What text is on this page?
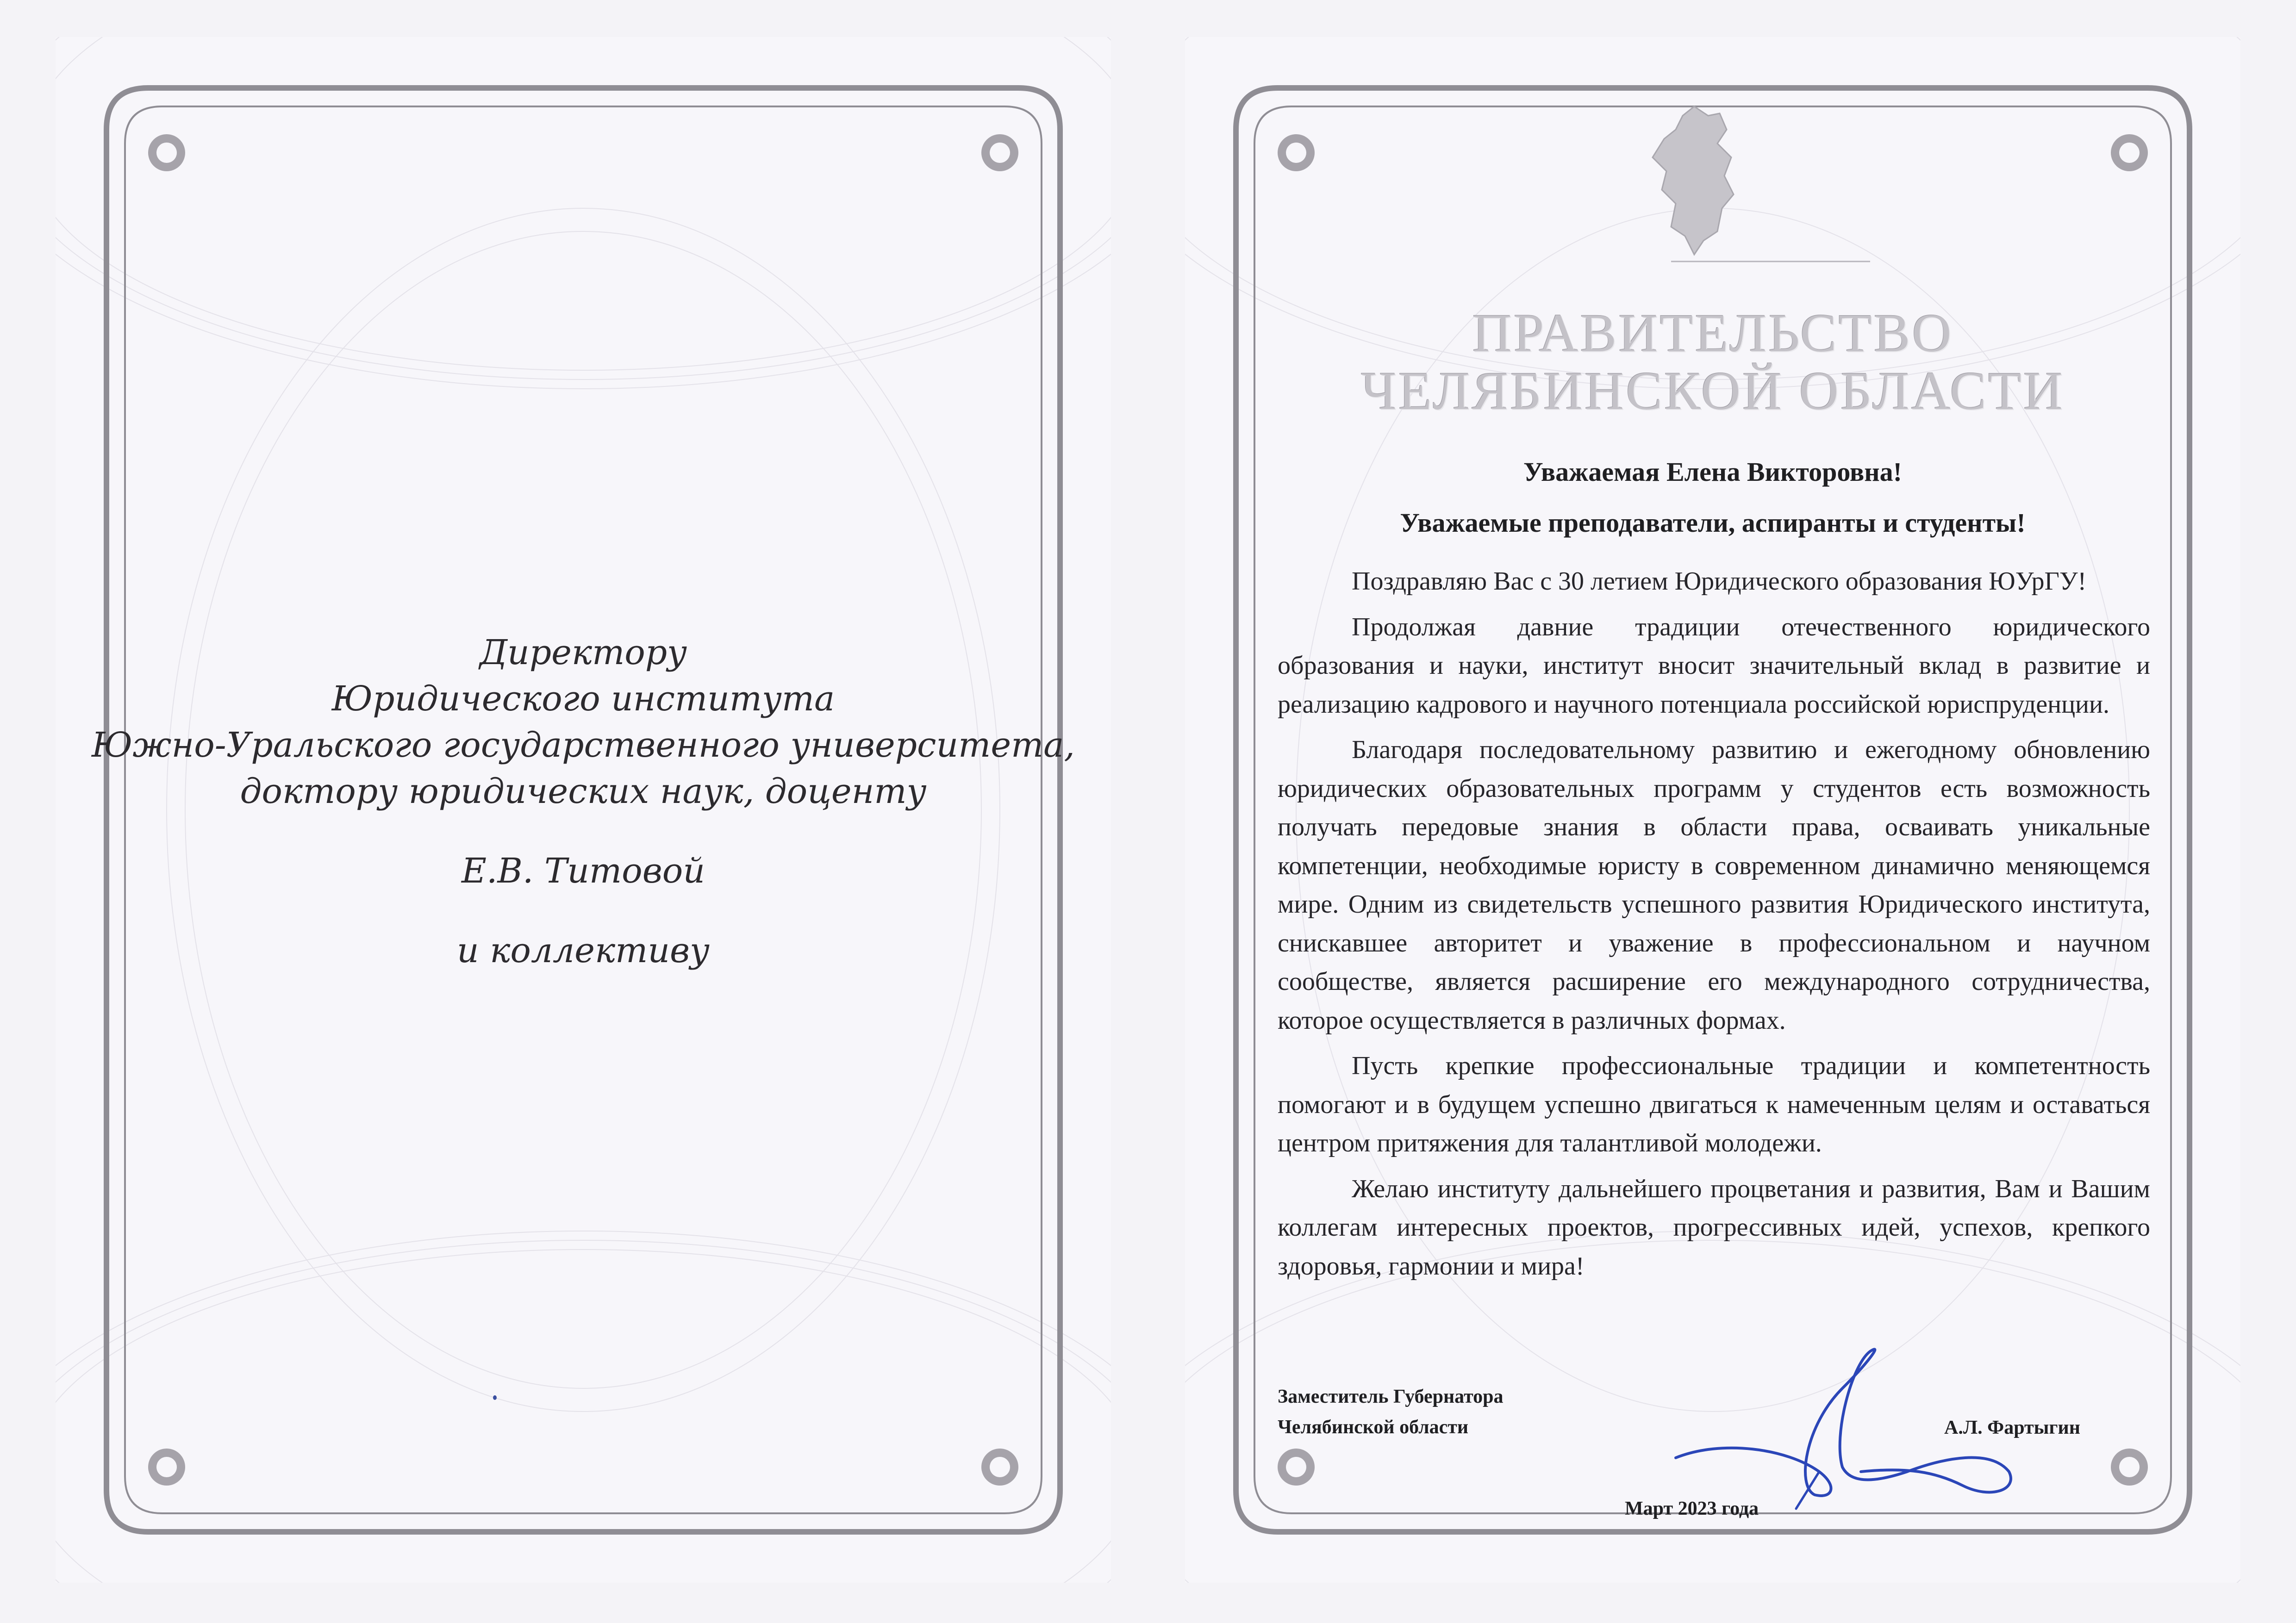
Директору
Юридического института
Южно-Уральского государственного университета,
доктору юридических наук, доценту
Е.В. Титовой
и коллективу
ПРАВИТЕЛЬСТВО
ЧЕЛЯБИНСКОЙ ОБЛАСТИ
Уважаемая Елена Викторовна!
Уважаемые преподаватели, аспиранты и студенты!

Поздравляю Вас с 30 летием Юридического образования ЮУрГУ!

Продолжая давние традиции отечественного юридического образования и науки, институт вносит значительный вклад в развитие и реализацию кадрового и научного потенциала российской юриспруденции.

Благодаря последовательному развитию и ежегодному обновлению юридических образовательных программ у студентов есть возможность получать передовые знания в области права, осваивать уникальные компетенции, необходимые юристу в современном динамично меняющемся мире. Одним из свидетельств успешного развития Юридического института, снискавшее авторитет и уважение в профессиональном и научном сообществе, является расширение его международного сотрудничества, которое осуществляется в различных формах.

Пусть крепкие профессиональные традиции и компетентность помогают и в будущем успешно двигаться к намеченным целям и оставаться центром притяжения для талантливой молодежи.

Желаю институту дальнейшего процветания и развития, Вам и Вашим коллегам интересных проектов, прогрессивных идей, успехов, крепкого здоровья, гармонии и мира!

Заместитель Губернатора
Челябинской области	А.Л. Фартыгин
Март 2023 года
